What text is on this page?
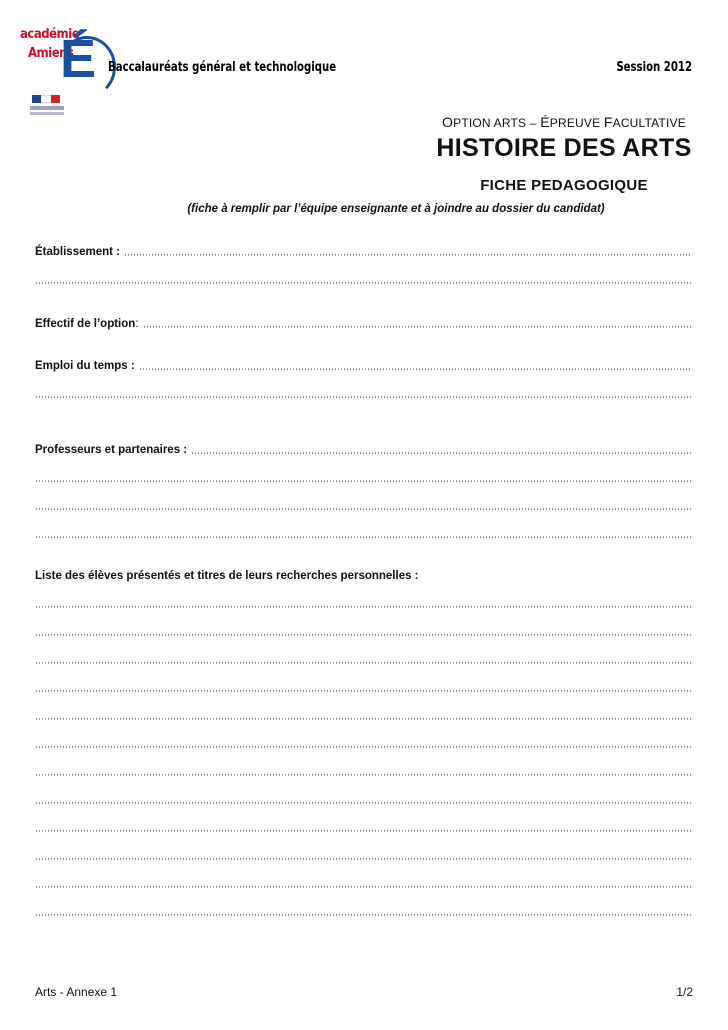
académie
Amiens
É Baccalauréats général et technologique	Session 2012
OPTION ARTS – ÉPREUVE FACULTATIVE
HISTOIRE DES ARTS
FICHE PEDAGOGIQUE
(fiche à remplir par l’équipe enseignante et à joindre au dossier du candidat)
Établissement :
Effectif de l’option :
Emploi du temps :
Professeurs et partenaires :
Liste des élèves présentés et titres de leurs recherches personnelles :
Arts - Annexe 1	1/2
